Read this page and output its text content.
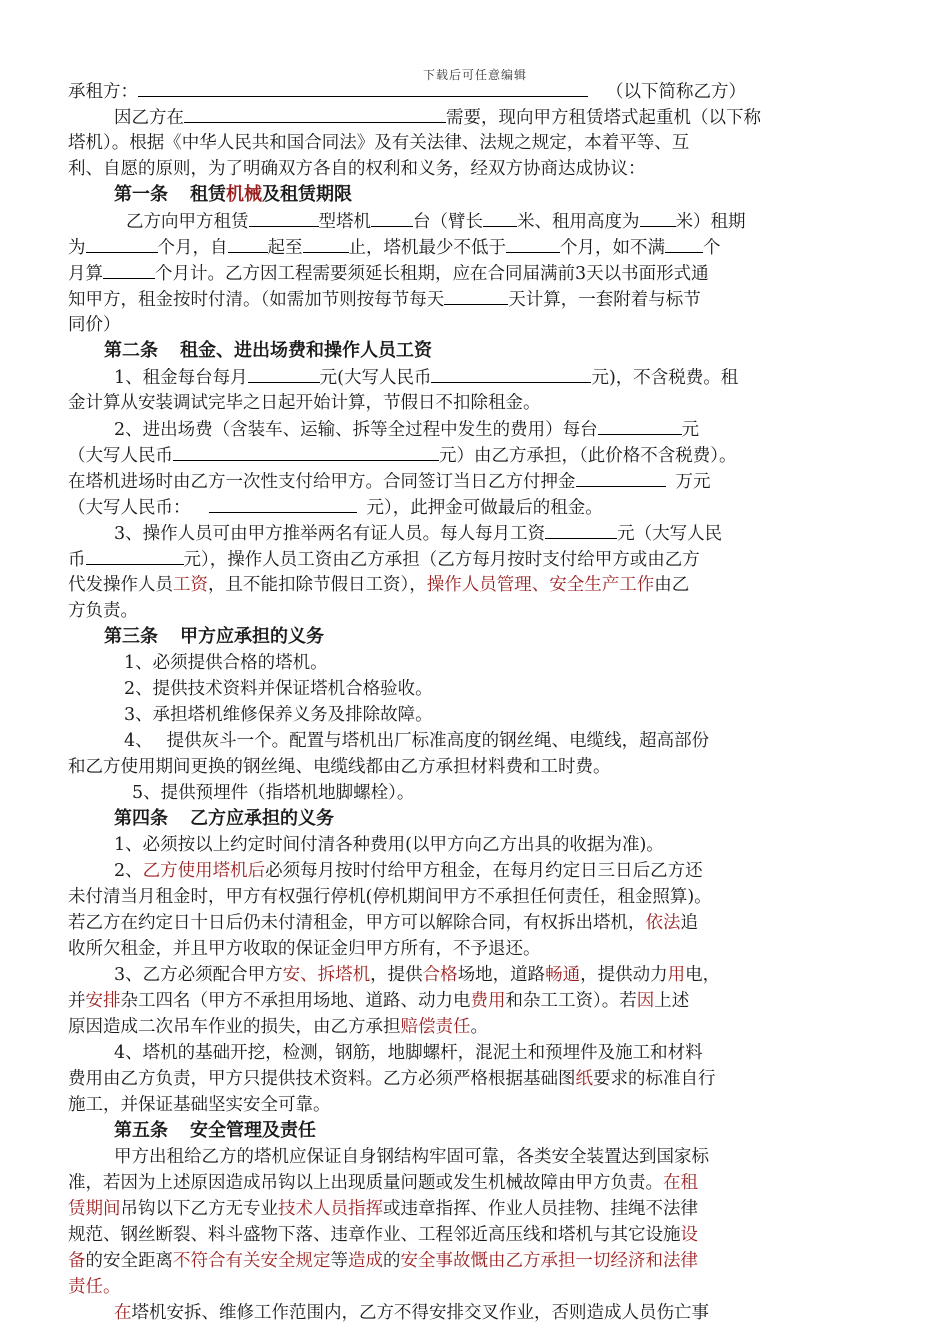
下载后可任意编辑
承租方：	（以下简称乙方）
因乙方在	需要，现向甲方租赁塔式起重机（以下称
塔机）。根据《中华人民共和国合同法》及有关法律、法规之规定，本着平等、互
利、自愿的原则，为了明确双方各自的权利和义务，经双方协商达成协议：
第一条 租赁机械及租赁期限
乙方向甲方租赁	型塔机 台（臂长 米、租用高度为 米）租期
为	个月，自 起至	止，塔机最少不低于	个月，如不满 个
月算	个月计。乙方因工程需要须延长租期，应在合同届满前3天以书面形式通
知甲方，租金按时付清。（如需加节则按每节每天	天计算，一套附着与标节
同价）
第二条 租金、进出场费和操作人员工资
1、租金每台每月	元(大写人民币	元)，不含税费。租
金计算从安装调试完毕之日起开始计算，节假日不扣除租金。
2、进出场费（含装车、运输、拆等全过程中发生的费用）每台	元
（大写人民币	元）由乙方承担，（此价格不含税费）。
在塔机进场时由乙方一次性支付给甲方。合同签订当日乙方付押金	万元
（大写人民币：	元），此押金可做最后的租金。
3、操作人员可由甲方推举两名有证人员。每人每月工资	元（大写人民
币	元），操作人员工资由乙方承担（乙方每月按时支付给甲方或由乙方
代发操作人员工资，且不能扣除节假日工资），操作人员管理、安全生产工作由乙
方负责。
第三条 甲方应承担的义务
1、必须提供合格的塔机。
2、提供技术资料并保证塔机合格验收。
3、承担塔机维修保养义务及排除故障。
4、 提供灰斗一个。配置与塔机出厂标准高度的钢丝绳、电缆线，超高部份
和乙方使用期间更换的钢丝绳、电缆线都由乙方承担材料费和工时费。
5、提供预埋件（指塔机地脚螺栓）。
第四条 乙方应承担的义务
1、必须按以上约定时间付清各种费用(以甲方向乙方出具的收据为准)。
2、乙方使用塔机后必须每月按时付给甲方租金，在每月约定日三日后乙方还
未付清当月租金时，甲方有权强行停机(停机期间甲方不承担任何责任，租金照算)。
若乙方在约定日十日后仍未付清租金，甲方可以解除合同，有权拆出塔机，依法追
收所欠租金，并且甲方收取的保证金归甲方所有，不予退还。
3、乙方必须配合甲方安、拆塔机，提供合格场地，道路畅通，提供动力用电，
并安排杂工四名（甲方不承担用场地、道路、动力电费用和杂工工资）。若因上述
原因造成二次吊车作业的损失，由乙方承担赔偿责任。
4、塔机的基础开挖，检测，钢筋，地脚螺杆，混泥土和预埋件及施工和材料
费用由乙方负责，甲方只提供技术资料。乙方必须严格根据基础图纸要求的标准自行
施工，并保证基础坚实安全可靠。
第五条 安全管理及责任
甲方出租给乙方的塔机应保证自身钢结构牢固可靠，各类安全装置达到国家标
准，若因为上述原因造成吊钩以上出现质量问题或发生机械故障由甲方负责。在租
赁期间吊钩以下乙方无专业技术人员指挥或违章指挥、作业人员挂物、挂绳不法律
规范、钢丝断裂、料斗盛物下落、违章作业、工程邻近高压线和塔机与其它设施设
备的安全距离不符合有关安全规定等造成的安全事故慨由乙方承担一切经济和法律
责任。
在塔机安拆、维修工作范围内，乙方不得安排交叉作业，否则造成人员伤亡事
